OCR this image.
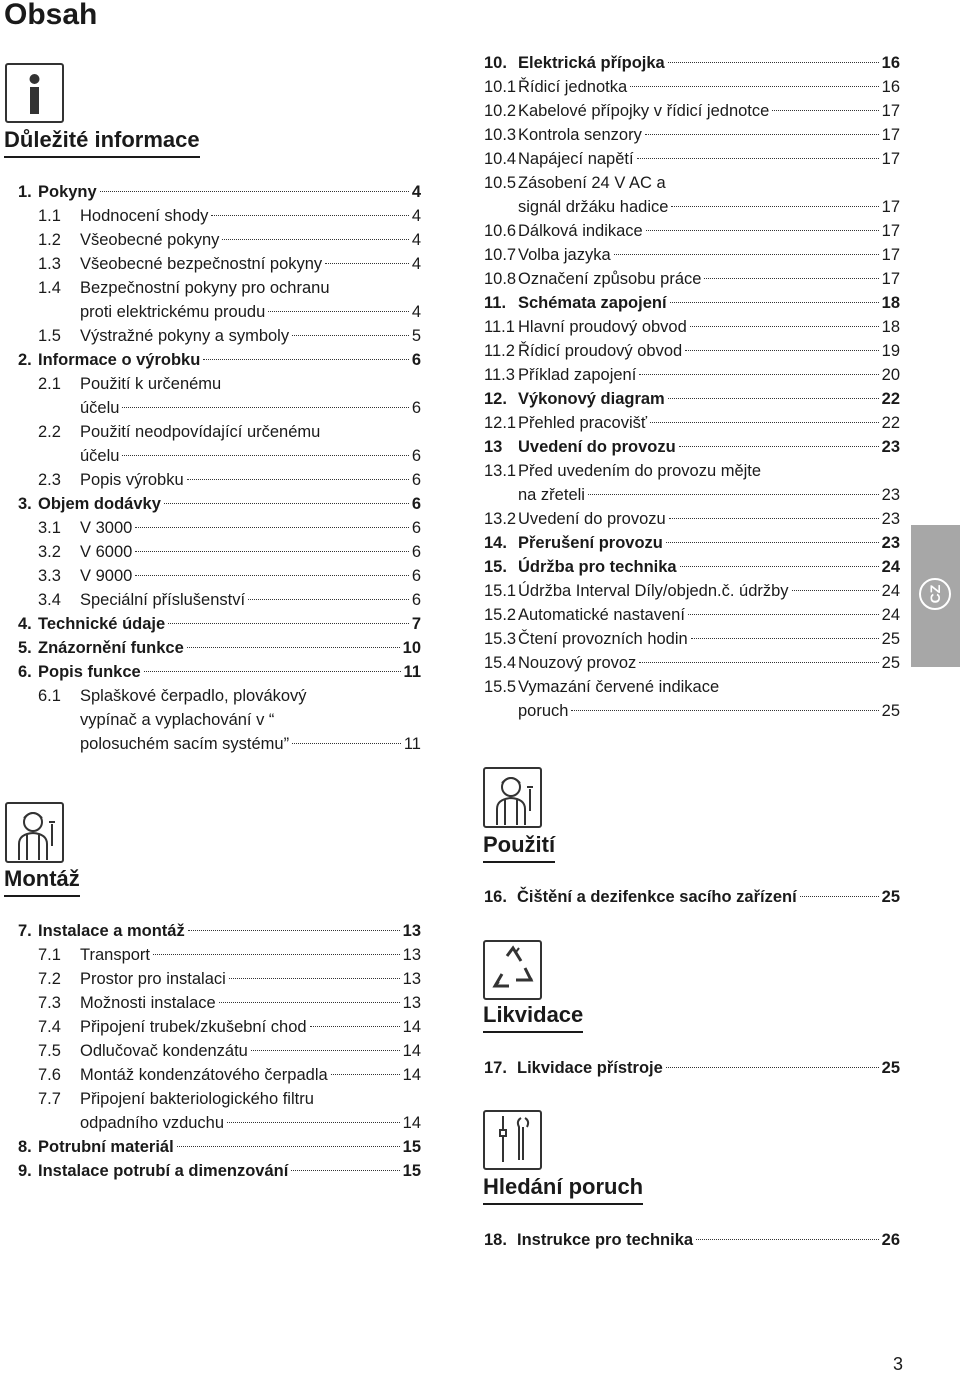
Obsah
Důležité informace
1. Pokyny	4
1.1 Hodnocení shody	4
1.2 Všeobecné pokyny	4
1.3 Všeobecné bezpečnostní pokyny	4
1.4 Bezpečnostní pokyny pro ochranu
proti elektrickému proudu	4
1.5 Výstražné pokyny a symboly	5
2. Informace o výrobku	6
2.1 Použití k určenému
účelu	6
2.2 Použití neodpovídající určenému
účelu	6
2.3 Popis výrobku	6
3. Objem dodávky	6
3.1 V 3000	6
3.2 V 6000	6
3.3 V 9000	6
3.4 Speciální příslušenství	6
4. Technické údaje	7
5. Znázornění funkce	10
6. Popis funkce	11
6.1 Splaškové čerpadlo, plovákový
vypínač a vyplachování v “
polosuchém sacím systému”	11
Montáž
7. Instalace a montáž	13
7.1 Transport	13
7.2 Prostor pro instalaci	13
7.3 Možnosti instalace	13
7.4 Připojení trubek/zkušební chod	14
7.5 Odlučovač kondenzátu	14
7.6 Montáž kondenzátového čerpadla	14
7.7 Připojení bakteriologického filtru
odpadního vzduchu	14
8. Potrubní materiál	15
9. Instalace potrubí a dimenzování	15
10. Elektrická přípojka	16
10.1 Řídicí jednotka	16
10.2 Kabelové přípojky v řídicí jednotce	17
10.3 Kontrola senzory	17
10.4 Napájecí napětí	17
10.5 Zásobení 24 V AC a
signál držáku hadice	17
10.6 Dálková indikace	17
10.7 Volba jazyka	17
10.8 Označení způsobu práce	17
11. Schémata zapojení	18
11.1 Hlavní proudový obvod	18
11.2 Řídicí proudový obvod	19
11.3 Příklad zapojení	20
12. Výkonový diagram	22
12.1 Přehled pracovišť	22
13 Uvedení do provozu	23
13.1 Před uvedením do provozu mějte
na zřeteli	23
13.2 Uvedení do provozu	23
14. Přerušení provozu	23
15. Údržba pro technika	24
15.1 Údržba Interval Díly/objedn.č. údržby	24
15.2 Automatické nastavení	24
15.3 Čtení provozních hodin	25
15.4 Nouzový provoz	25
15.5 Vymazání červené indikace
poruch	25
Použití
16. Čištění a dezifenkce sacího zařízení	25
Likvidace
17. Likvidace přístroje	25
Hledání poruch
18. Instrukce pro technika	26
CZ
3
